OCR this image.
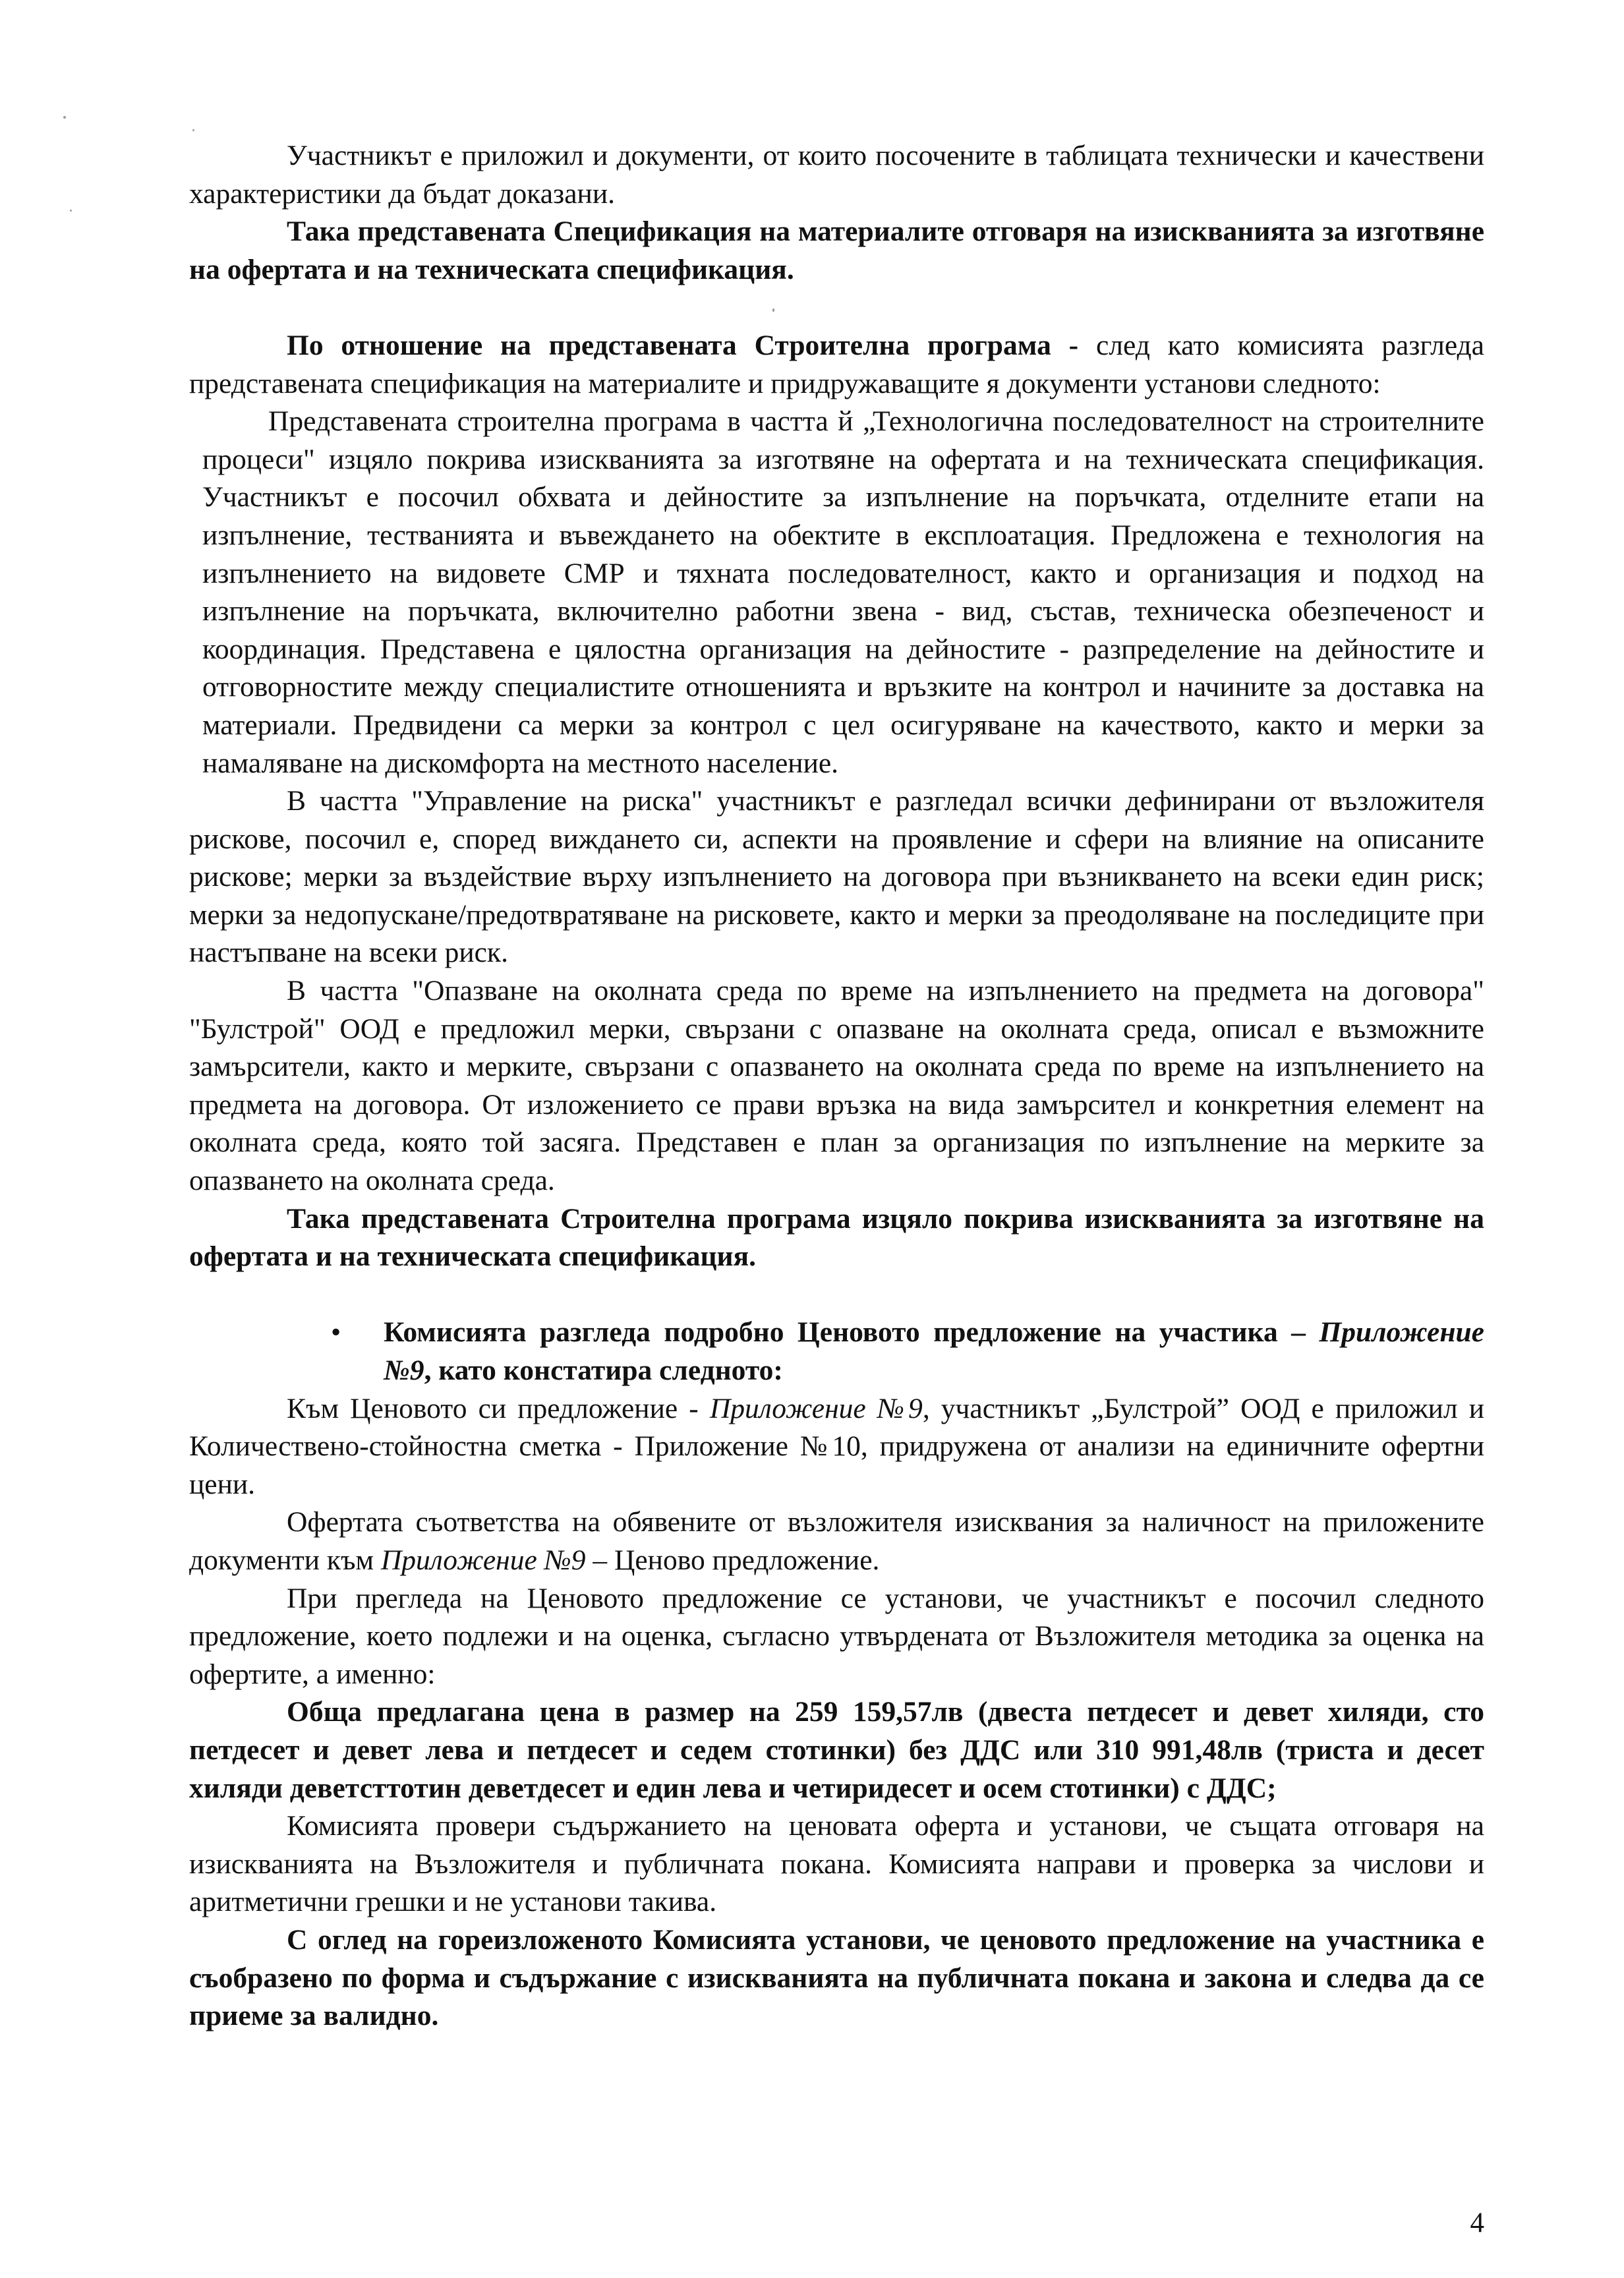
Участникът е приложил и документи, от които посочените в таблицата технически и качествени характеристики да бъдат доказани.

Така представената Спецификация на материалите отговаря на изискванията за изготвяне на офертата и на техническата спецификация.

По отношение на представената Строителна програма - след като комисията разгледа представената спецификация на материалите и придружаващите я документи установи следното:

Представената строителна програма в частта й „Технологична последователност на строителните процеси" изцяло покрива изискванията за изготвяне на офертата и на техническата спецификация. Участникът е посочил обхвата и дейностите за изпълнение на поръчката, отделните етапи на изпълнение, тестванията и въвеждането на обектите в експлоатация. Предложена е технология на изпълнението на видовете СМР и тяхната последователност, както и организация и подход на изпълнение на поръчката, включително работни звена - вид, състав, техническа обезпеченост и координация. Представена е цялостна организация на дейностите - разпределение на дейностите и отговорностите между специалистите отношенията и връзките на контрол и начините за доставка на материали. Предвидени са мерки за контрол с цел осигуряване на качеството, както и мерки за намаляване на дискомфорта на местното население.

В частта "Управление на риска" участникът е разгледал всички дефинирани от възложителя рискове, посочил е, според виждането си, аспекти на проявление и сфери на влияние на описаните рискове; мерки за въздействие върху изпълнението на договора при възникването на всеки един риск; мерки за недопускане/предотвратяване на рисковете, както и мерки за преодоляване на последиците при настъпване на всеки риск.

В частта "Опазване на околната среда по време на изпълнението на предмета на договора" "Булстрой" ООД е предложил мерки, свързани с опазване на околната среда, описал е възможните замърсители, както и мерките, свързани с опазването на околната среда по време на изпълнението на предмета на договора. От изложението се прави връзка на вида замърсител и конкретния елемент на околната среда, която той засяга. Представен е план за организация по изпълнение на мерките за опазването на околната среда.

Така представената Строителна програма изцяло покрива изискванията за изготвяне на офертата и на техническата спецификация.

• Комисията разгледа подробно Ценовото предложение на участика – Приложение №9, като констатира следното:

Към Ценовото си предложение - Приложение №9, участникът „Булстрой” ООД е приложил и Количествено-стойностна сметка - Приложение №10, придружена от анализи на единичните офертни цени.

Офертата съответства на обявените от възложителя изисквания за наличност на приложените документи към Приложение №9 – Ценово предложение.

При прегледа на Ценовото предложение се установи, че участникът е посочил следното предложение, което подлежи и на оценка, съгласно утвърдената от Възложителя методика за оценка на офертите, а именно:

Обща предлагана цена в размер на 259 159,57лв (двеста петдесет и девет хиляди, сто петдесет и девет лева и петдесет и седем стотинки) без ДДС или 310 991,48лв (триста и десет хиляди деветсттотин деветдесет и един лева и четиридесет и осем стотинки) с ДДС;

Комисията провери съдържанието на ценовата оферта и установи, че същата отговаря на изискванията на Възложителя и публичната покана. Комисията направи и проверка за числови и аритметични грешки и не установи такива.

С оглед на гореизложеното Комисията установи, че ценовото предложение на участника е съобразено по форма и съдържание с изискванията на публичната покана и закона и следва да се приеме за валидно.

4
